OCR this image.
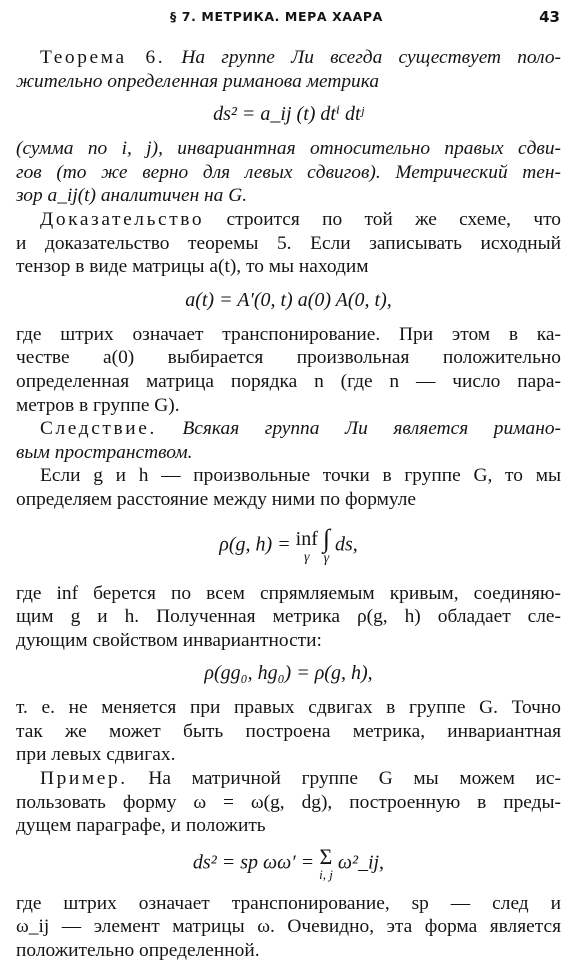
§ 7. МЕТРИКА. МЕРА ХААРА	43
Теорема 6. На группе Ли всегда существует поло-
жительно определенная риманова метрика
ds² = a_ij (t) dtⁱ dtʲ
(сумма по i, j), инвариантная относительно правых сдви-
гов (то же верно для левых сдвигов). Метрический тен-
зор a_ij(t) аналитичен на G.
Доказательство строится по той же схеме, что
и доказательство теоремы 5. Если записывать исходный
тензор в виде матрицы a(t), то мы находим
a(t) = A′(0, t) a(0) A(0, t),
где штрих означает транспонирование. При этом в ка-
честве a(0) выбирается произвольная положительно
определенная матрица порядка n (где n — число пара-
метров в группе G).
Следствие. Всякая группа Ли является римано-
вым пространством.
Если g и h — произвольные точки в группе G, то мы
определяем расстояние между ними по формуле
ρ(g, h) = inf
γ

∫
γ
ds,
где inf берется по всем спрямляемым кривым, соединяю-
щим g и h. Полученная метрика ρ(g, h) обладает сле-
дующим свойством инвариантности:
ρ(gg₀, hg₀) = ρ(g, h),
т. е. не меняется при правых сдвигах в группе G. Точно
так же может быть построена метрика, инвариантная
при левых сдвигах.
Пример. На матричной группе G мы можем ис-
пользовать форму ω = ω(g, dg), построенную в преды-
дущем параграфе, и положить
ds² = sp ωω′ = Σ
i, j
ω²_ij,
где штрих означает транспонирование, sp — след и
ω_ij — элемент матрицы ω. Очевидно, эта форма является
положительно определенной.
